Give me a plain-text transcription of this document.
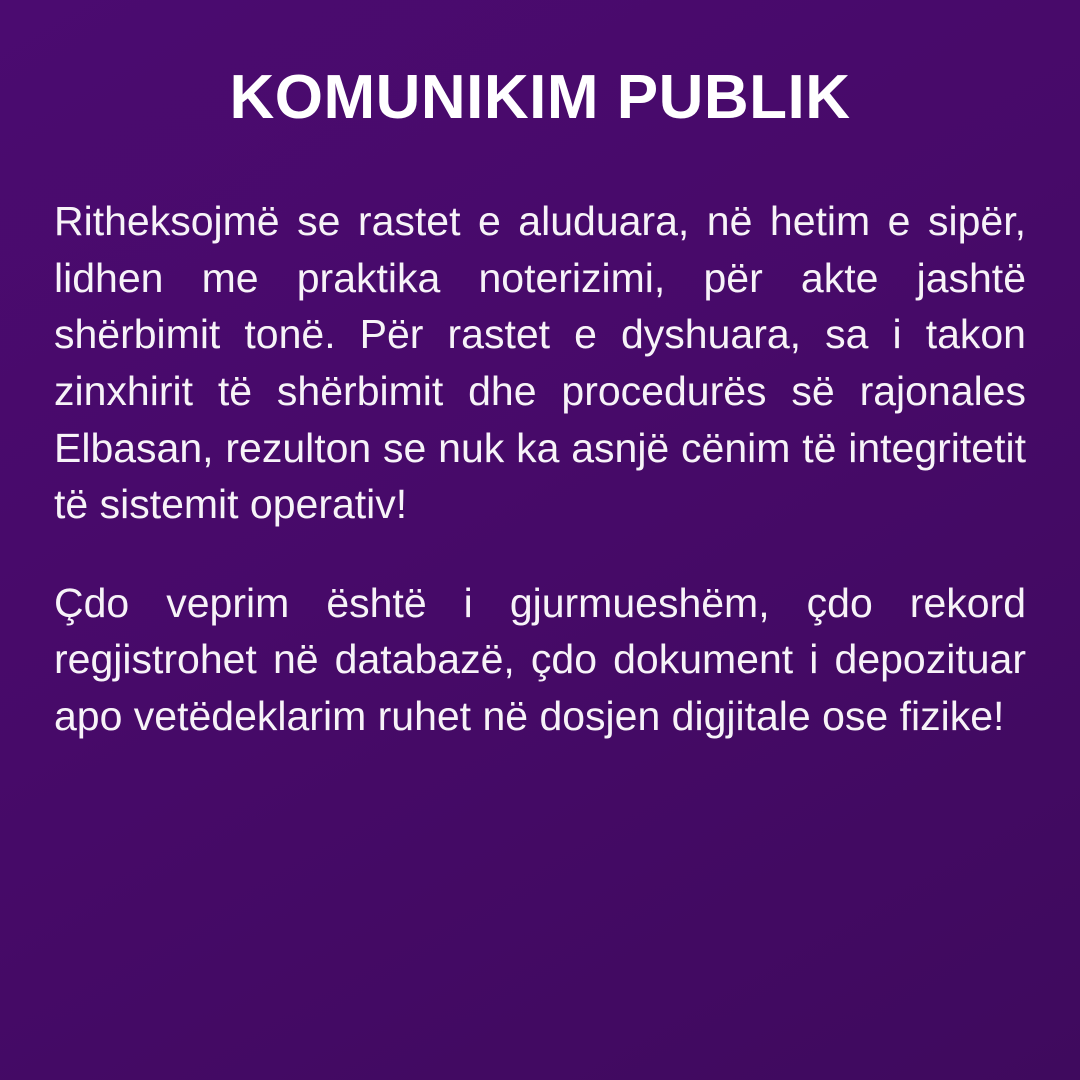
KOMUNIKIM PUBLIK

Ritheksojmë se rastet e aluduara, në hetim e sipër, lidhen me praktika noterizimi, për akte jashtë shërbimit tonë. Për rastet e dyshuara, sa i takon zinxhirit të shërbimit dhe procedurës së rajonales Elbasan, rezulton se nuk ka asnjë cënim të integritetit të sistemit operativ!

Çdo veprim është i gjurmueshëm, çdo rekord regjistrohet në databazë, çdo dokument i depozituar apo vetëdeklarim ruhet në dosjen digjitale ose fizike!
